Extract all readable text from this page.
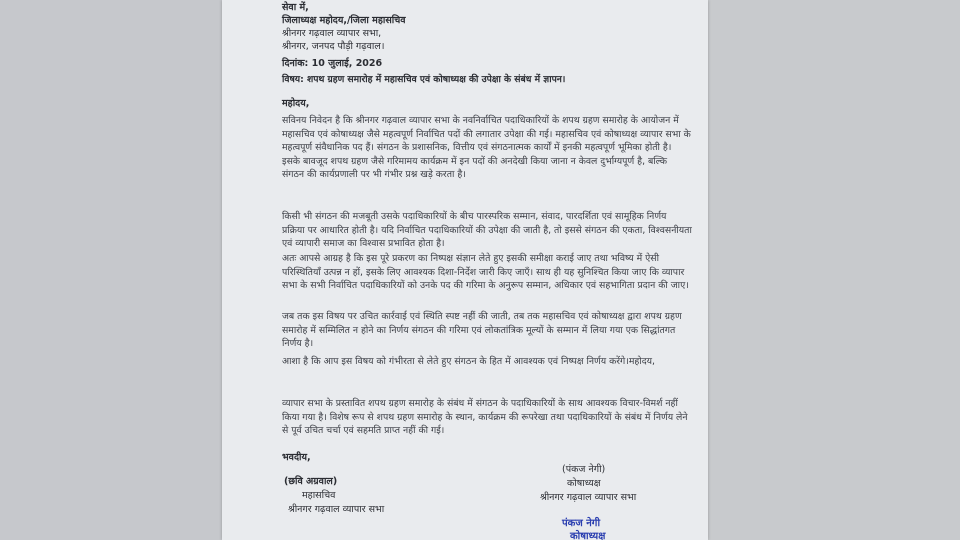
सेवा में,
जिलाध्यक्ष महोदय,/जिला महासचिव
श्रीनगर गढ़वाल व्यापार सभा,
श्रीनगर, जनपद पौड़ी गढ़वाल।
दिनांक: 10 जुलाई, 2026
विषय: शपथ ग्रहण समारोह में महासचिव एवं कोषाध्यक्ष की उपेक्षा के संबंध में ज्ञापन।
महोदय,
सविनय निवेदन है कि श्रीनगर गढ़वाल व्यापार सभा के नवनिर्वाचित पदाधिकारियों के शपथ ग्रहण समारोह के आयोजन में महासचिव एवं कोषाध्यक्ष जैसे महत्वपूर्ण निर्वाचित पदों की लगातार उपेक्षा की गई। महासचिव एवं कोषाध्यक्ष व्यापार सभा के महत्वपूर्ण संवैधानिक पद हैं। संगठन के प्रशासनिक, वित्तीय एवं संगठनात्मक कार्यों में इनकी महत्वपूर्ण भूमिका होती है। इसके बावजूद शपथ ग्रहण जैसे गरिमामय कार्यक्रम में इन पदों की अनदेखी किया जाना न केवल दुर्भाग्यपूर्ण है, बल्कि संगठन की कार्यप्रणाली पर भी गंभीर प्रश्न खड़े करता है।
किसी भी संगठन की मजबूती उसके पदाधिकारियों के बीच पारस्परिक सम्मान, संवाद, पारदर्शिता एवं सामूहिक निर्णय प्रक्रिया पर आधारित होती है। यदि निर्वाचित पदाधिकारियों की उपेक्षा की जाती है, तो इससे संगठन की एकता, विश्वसनीयता एवं व्यापारी समाज का विश्वास प्रभावित होता है।
अतः आपसे आग्रह है कि इस पूरे प्रकरण का निष्पक्ष संज्ञान लेते हुए इसकी समीक्षा कराई जाए तथा भविष्य में ऐसी परिस्थितियाँ उत्पन्न न हों, इसके लिए आवश्यक दिशा-निर्देश जारी किए जाएँ। साथ ही यह सुनिश्चित किया जाए कि व्यापार सभा के सभी निर्वाचित पदाधिकारियों को उनके पद की गरिमा के अनुरूप सम्मान, अधिकार एवं सहभागिता प्रदान की जाए।
जब तक इस विषय पर उचित कार्रवाई एवं स्थिति स्पष्ट नहीं की जाती, तब तक महासचिव एवं कोषाध्यक्ष द्वारा शपथ ग्रहण समारोह में सम्मिलित न होने का निर्णय संगठन की गरिमा एवं लोकतांत्रिक मूल्यों के सम्मान में लिया गया एक सिद्धांतगत निर्णय है।
आशा है कि आप इस विषय को गंभीरता से लेते हुए संगठन के हित में आवश्यक एवं निष्पक्ष निर्णय करेंगे।महोदय,
व्यापार सभा के प्रस्तावित शपथ ग्रहण समारोह के संबंध में संगठन के पदाधिकारियों के साथ आवश्यक विचार-विमर्श नहीं किया गया है। विशेष रूप से शपथ ग्रहण समारोह के स्थान, कार्यक्रम की रूपरेखा तथा पदाधिकारियों के संबंध में निर्णय लेने से पूर्व उचित चर्चा एवं सहमति प्राप्त नहीं की गई।
भवदीय,
(छवि अग्रवाल)
महासचिव
श्रीनगर गढ़वाल व्यापार सभा
(पंकज नेगी)
कोषाध्यक्ष
श्रीनगर गढ़वाल व्यापार सभा
पंकज नेगी
कोषाध्यक्ष
